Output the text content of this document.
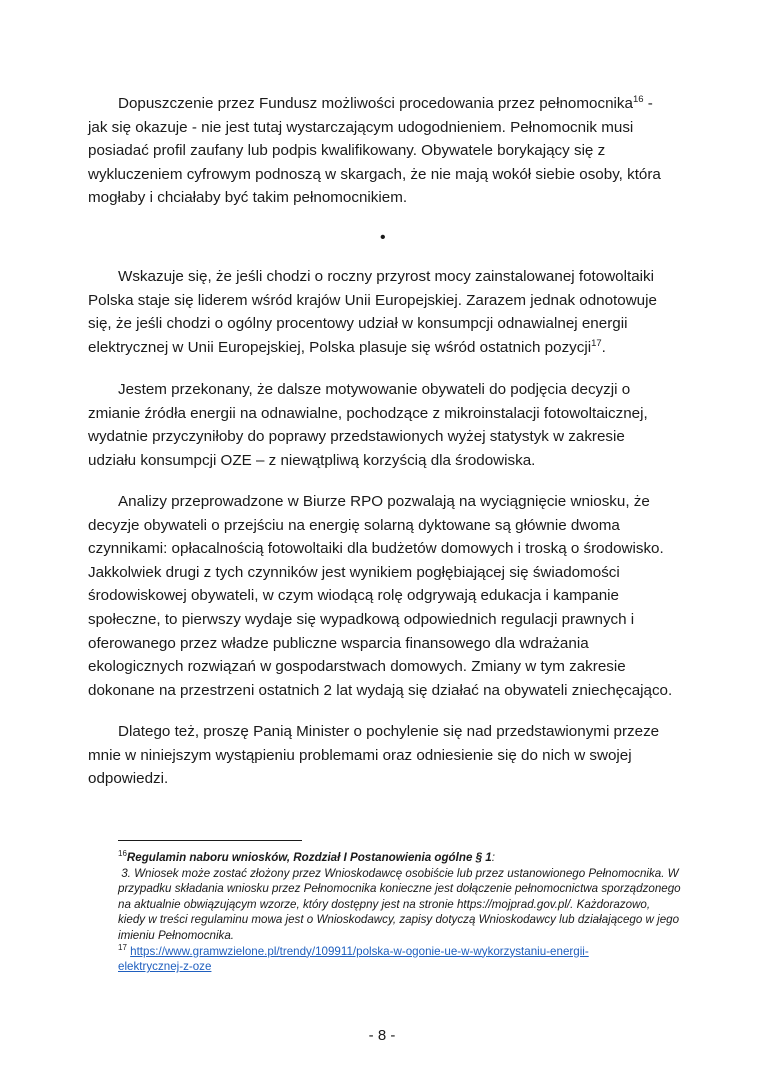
Dopuszczenie przez Fundusz możliwości procedowania przez pełnomocnika$^{16}$ -
jak się okazuje - nie jest tutaj wystarczającym udogodnieniem. Pełnomocnik musi
posiadać profil zaufany lub podpis kwalifikowany. Obywatele borykający się z
wykluczeniem cyfrowym podnoszą w skargach, że nie mają wokół siebie osoby, która
mogłaby i chciałaby być takim pełnomocnikiem.

•

Wskazuje się, że jeśli chodzi o roczny przyrost mocy zainstalowanej fotowoltaiki
Polska staje się liderem wśród krajów Unii Europejskiej. Zarazem jednak odnotowuje
się, że jeśli chodzi o ogólny procentowy udział w konsumpcji odnawialnej energii
elektrycznej w Unii Europejskiej, Polska plasuje się wśród ostatnich pozycji$^{17}$.

Jestem przekonany, że dalsze motywowanie obywateli do podjęcia decyzji o
zmianie źródła energii na odnawialne, pochodzące z mikroinstalacji fotowoltaicznej,
wydatnie przyczyniłoby do poprawy przedstawionych wyżej statystyk w zakresie
udziału konsumpcji OZE – z niewątpliwą korzyścią dla środowiska.

Analizy przeprowadzone w Biurze RPO pozwalają na wyciągnięcie wniosku, że
decyzje obywateli o przejściu na energię solarną dyktowane są głównie dwoma
czynnikami: opłacalnością fotowoltaiki dla budżetów domowych i troską o środowisko.
Jakkolwiek drugi z tych czynników jest wynikiem pogłębiającej się świadomości
środowiskowej obywateli, w czym wiodącą rolę odgrywają edukacja i kampanie
społeczne, to pierwszy wydaje się wypadkową odpowiednich regulacji prawnych i
oferowanego przez władze publiczne wsparcia finansowego dla wdrażania
ekologicznych rozwiązań w gospodarstwach domowych. Zmiany w tym zakresie
dokonane na przestrzeni ostatnich 2 lat wydają się działać na obywateli zniechęcająco.

Dlatego też, proszę Panią Minister o pochylenie się nad przedstawionymi przeze
mnie w niniejszym wystąpieniu problemami oraz odniesienie się do nich w swojej
odpowiedzi.

$^{16}$Regulamin naboru wniosków, Rozdział I Postanowienia ogólne § 1:
3. Wniosek może zostać złożony przez Wnioskodawcę osobiście lub przez ustanowionego Pełnomocnika. W
przypadku składania wniosku przez Pełnomocnika konieczne jest dołączenie pełnomocnictwa sporządzonego
na aktualnie obwiązującym wzorze, który dostępny jest na stronie https://mojprad.gov.pl/. Każdorazowo,
kiedy w treści regulaminu mowa jest o Wnioskodawcy, zapisy dotyczą Wnioskodawcy lub działającego w jego
imieniu Pełnomocnika.
$^{17}$ https://www.gramwzielone.pl/trendy/109911/polska-w-ogonie-ue-w-wykorzystaniu-energii-
elektrycznej-z-oze
- 8 -
